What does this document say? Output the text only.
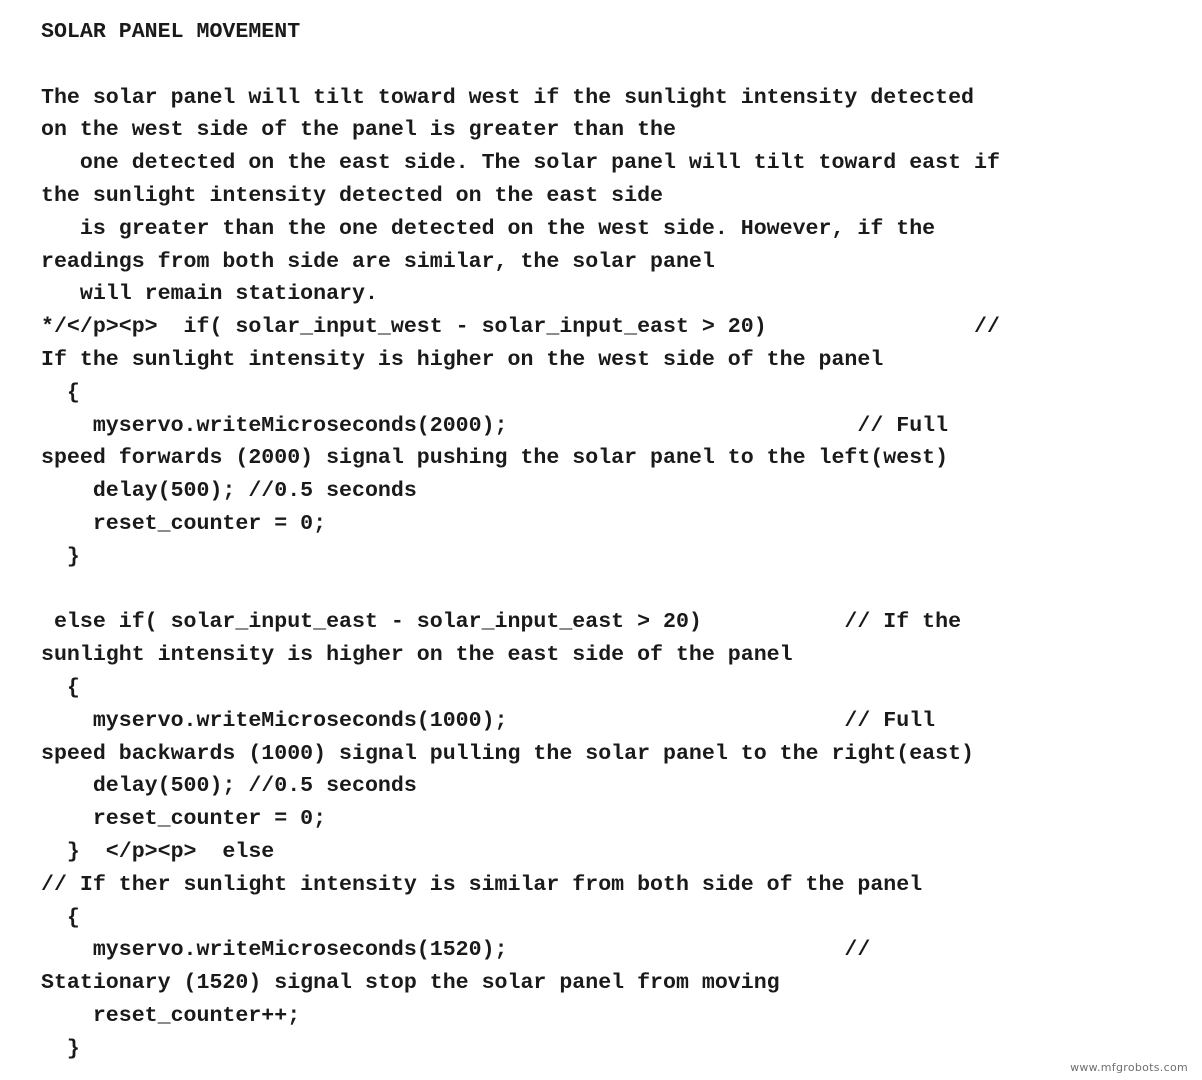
SOLAR PANEL MOVEMENT
The solar panel will tilt toward west if the sunlight intensity detected
on the west side of the panel is greater than the
one detected on the east side. The solar panel will tilt toward east if
the sunlight intensity detected on the east side
is greater than the one detected on the west side. However, if the
readings from both side are similar, the solar panel
will remain stationary.
*/</p><p>  if( solar_input_west - solar_input_east > 20)                //
If the sunlight intensity is higher on the west side of the panel
{
myservo.writeMicroseconds(2000);                           // Full
speed forwards (2000) signal pushing the solar panel to the left(west)
delay(500); //0.5 seconds
reset_counter = 0;
}
else if( solar_input_east - solar_input_east > 20)           // If the
sunlight intensity is higher on the east side of the panel
{
myservo.writeMicroseconds(1000);                          // Full
speed backwards (1000) signal pulling the solar panel to the right(east)
delay(500); //0.5 seconds
reset_counter = 0;
}  </p><p>  else
// If ther sunlight intensity is similar from both side of the panel
{
myservo.writeMicroseconds(1520);                          //
Stationary (1520) signal stop the solar panel from moving
reset_counter++;
}
www.mfgrobots.com
